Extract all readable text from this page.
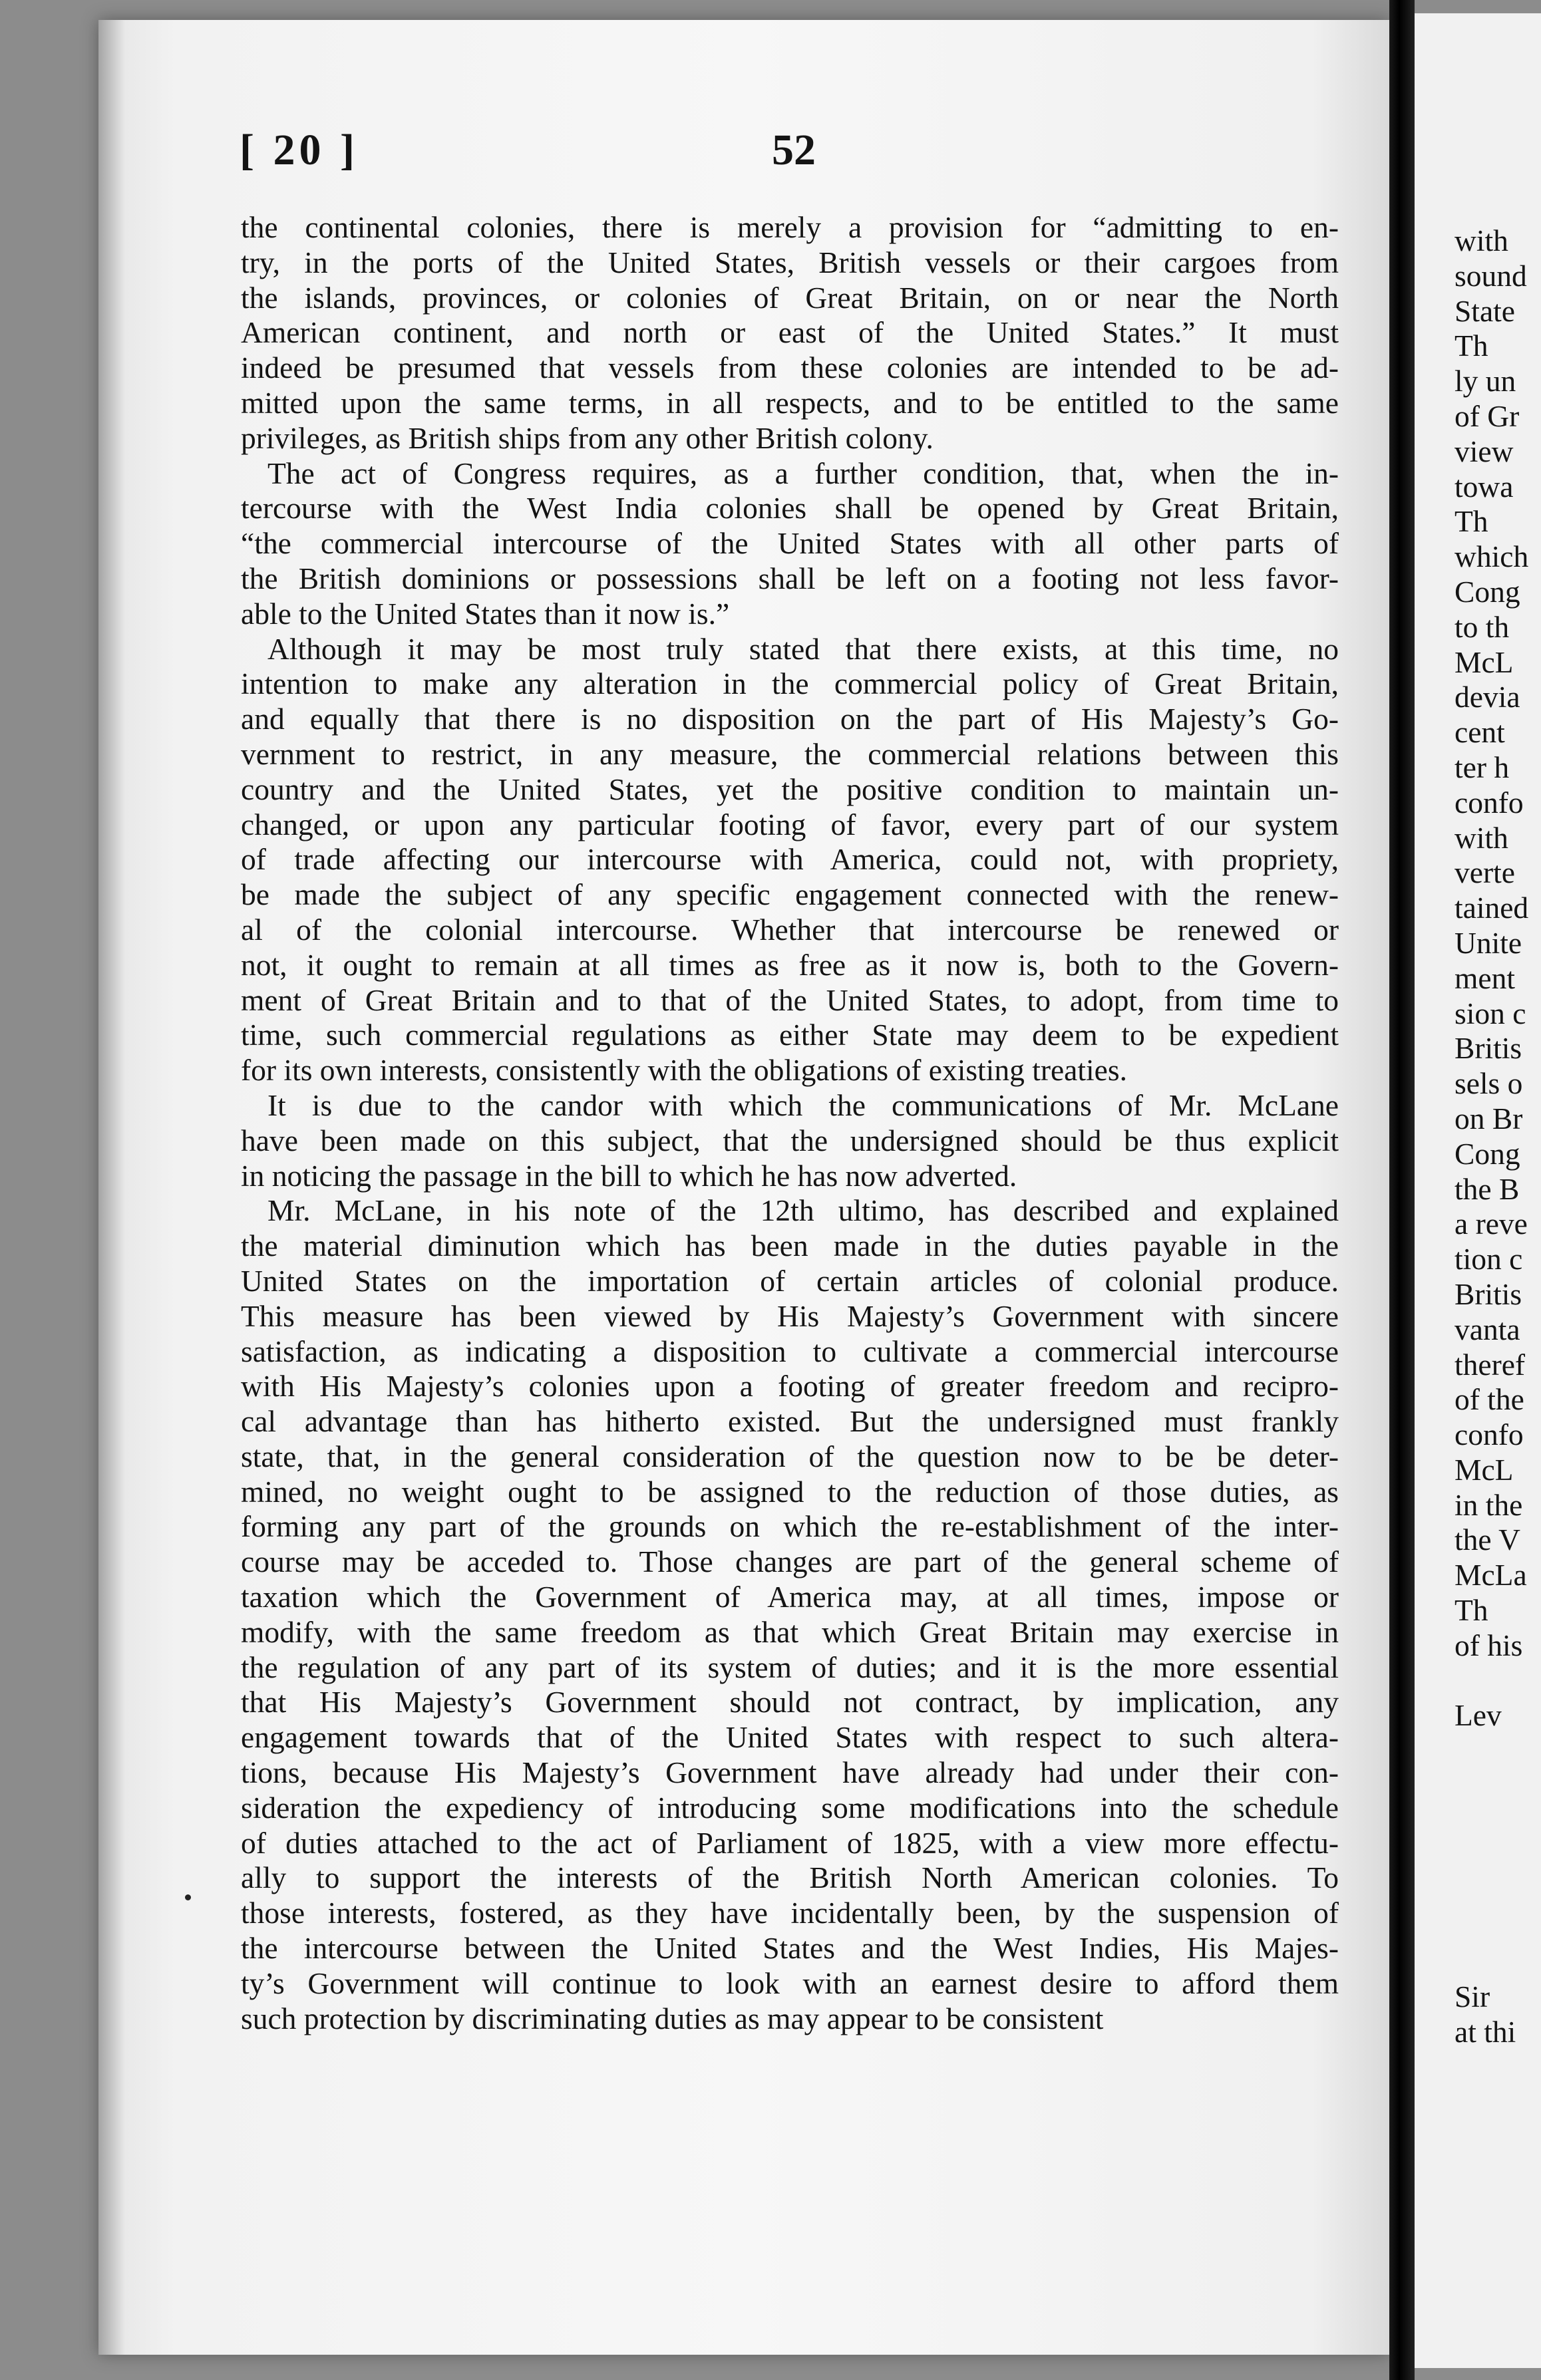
[ 20 ]	52
the continental colonies, there is merely a provision for “admitting to en-
try, in the ports of the United States, British vessels or their cargoes from
the islands, provinces, or colonies of Great Britain, on or near the North
American continent, and north or east of the United States.” It must
indeed be presumed that vessels from these colonies are intended to be ad-
mitted upon the same terms, in all respects, and to be entitled to the same
privileges, as British ships from any other British colony.
The act of Congress requires, as a further condition, that, when the in-
tercourse with the West India colonies shall be opened by Great Britain,
“the commercial intercourse of the United States with all other parts of
the British dominions or possessions shall be left on a footing not less favor-
able to the United States than it now is.”
Although it may be most truly stated that there exists, at this time, no
intention to make any alteration in the commercial policy of Great Britain,
and equally that there is no disposition on the part of His Majesty’s Go-
vernment to restrict, in any measure, the commercial relations between this
country and the United States, yet the positive condition to maintain un-
changed, or upon any particular footing of favor, every part of our system
of trade affecting our intercourse with America, could not, with propriety,
be made the subject of any specific engagement connected with the renew-
al of the colonial intercourse. Whether that intercourse be renewed or
not, it ought to remain at all times as free as it now is, both to the Govern-
ment of Great Britain and to that of the United States, to adopt, from time to
time, such commercial regulations as either State may deem to be expedient
for its own interests, consistently with the obligations of existing treaties.
It is due to the candor with which the communications of Mr. McLane
have been made on this subject, that the undersigned should be thus explicit
in noticing the passage in the bill to which he has now adverted.
Mr. McLane, in his note of the 12th ultimo, has described and explained
the material diminution which has been made in the duties payable in the
United States on the importation of certain articles of colonial produce.
This measure has been viewed by His Majesty’s Government with sincere
satisfaction, as indicating a disposition to cultivate a commercial intercourse
with His Majesty’s colonies upon a footing of greater freedom and recipro-
cal advantage than has hitherto existed. But the undersigned must frankly
state, that, in the general consideration of the question now to be be deter-
mined, no weight ought to be assigned to the reduction of those duties, as
forming any part of the grounds on which the re-establishment of the inter-
course may be acceded to. Those changes are part of the general scheme of
taxation which the Government of America may, at all times, impose or
modify, with the same freedom as that which Great Britain may exercise in
the regulation of any part of its system of duties; and it is the more essential
that His Majesty’s Government should not contract, by implication, any
engagement towards that of the United States with respect to such altera-
tions, because His Majesty’s Government have already had under their con-
sideration the expediency of introducing some modifications into the schedule
of duties attached to the act of Parliament of 1825, with a view more effectu-
ally to support the interests of the British North American colonies. To
those interests, fostered, as they have incidentally been, by the suspension of
the intercourse between the United States and the West Indies, His Majes-
ty’s Government will continue to look with an earnest desire to afford them
such protection by discriminating duties as may appear to be consistent
with
sound
State
Th
ly un
of Gr
view
towa
Th
which
Cong
to th
McL
devia
cent
ter h
confo
with
verte
tained
Unite
ment
sion c
Britis
sels o
on Br
Cong
the B
a reve
tion c
Britis
vanta
theref
of the
confo
McL
in the
the V
McLa
Th
of his
Lev
Sir
at thi
